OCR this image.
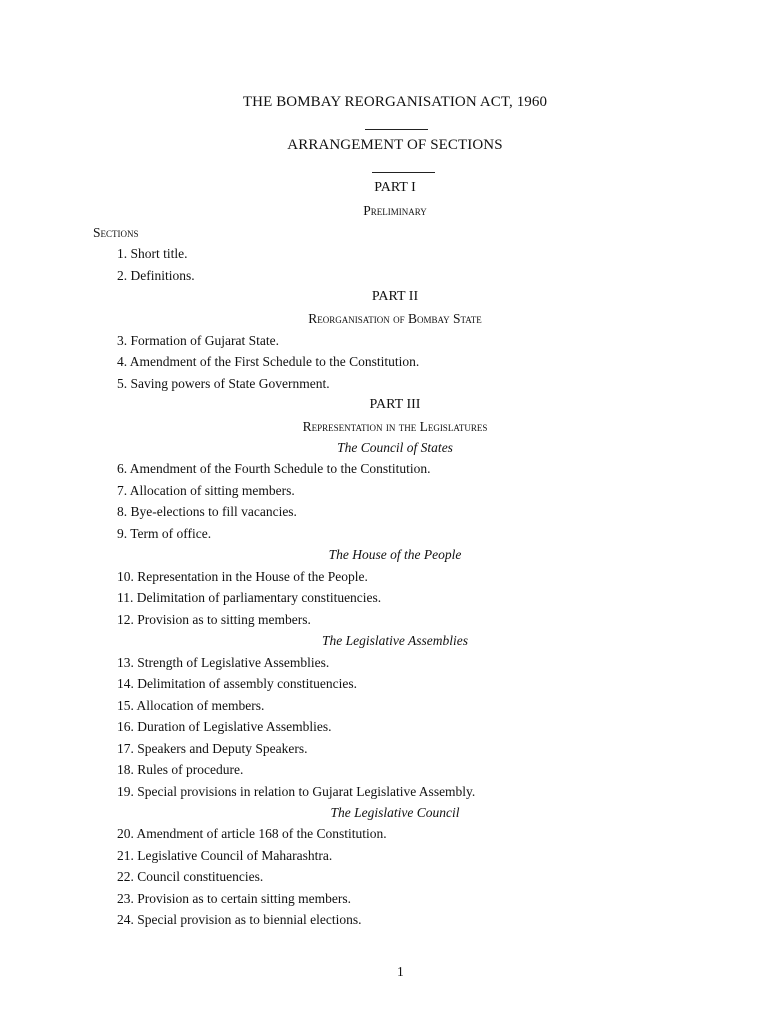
THE BOMBAY REORGANISATION ACT, 1960
ARRANGEMENT OF SECTIONS
PART I
Preliminary
Sections
1. Short title.
2. Definitions.
PART II
Reorganisation of Bombay State
3. Formation of Gujarat State.
4. Amendment of the First Schedule to the Constitution.
5. Saving powers of State Government.
PART III
Representation in the Legislatures
The Council of States
6. Amendment of the Fourth Schedule to the Constitution.
7. Allocation of sitting members.
8. Bye-elections to fill vacancies.
9. Term of office.
The House of the People
10. Representation in the House of the People.
11. Delimitation of parliamentary constituencies.
12. Provision as to sitting members.
The Legislative Assemblies
13. Strength of Legislative Assemblies.
14. Delimitation of assembly constituencies.
15. Allocation of members.
16. Duration of Legislative Assemblies.
17. Speakers and Deputy Speakers.
18. Rules of procedure.
19. Special provisions in relation to Gujarat Legislative Assembly.
The Legislative Council
20. Amendment of article 168 of the Constitution.
21. Legislative Council of Maharashtra.
22. Council constituencies.
23. Provision as to certain sitting members.
24. Special provision as to biennial elections.
1
